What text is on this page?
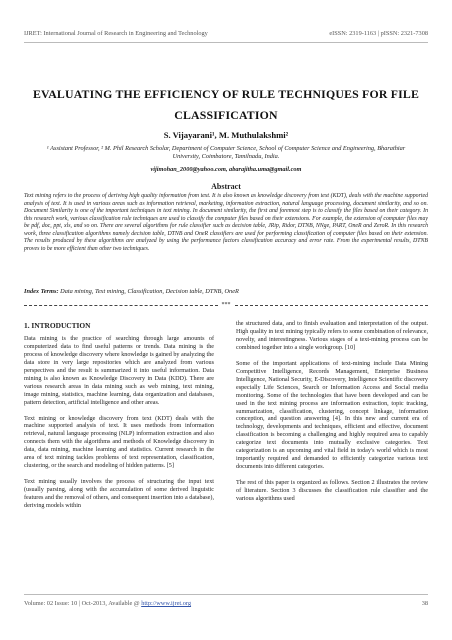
IJRET: International Journal of Research in Engineering and Technology	eISSN: 2319-1163 | pISSN: 2321-7308
EVALUATING THE EFFICIENCY OF RULE TECHNIQUES FOR FILE CLASSIFICATION
S. Vijayarani¹, M. Muthulakshmi²
¹ Assistant Professor, ² M. Phil Research Scholar, Department of Computer Science, School of Computer Science and Engineering, Bharathiar University, Coimbatore, Tamilnadu, India.
vijimohan_2000@yahoo.com, abarajitha.uma@gmail.com
Abstract
Text mining refers to the process of deriving high quality information from text. It is also known as knowledge discovery from text (KDT), deals with the machine supported analysis of text. It is used in various areas such as information retrieval, marketing, information extraction, natural language processing, document similarity, and so on. Document Similarity is one of the important techniques in text mining. In document similarity, the first and foremost step is to classify the files based on their category. In this research work, various classification rule techniques are used to classify the computer files based on their extensions. For example, the extension of computer files may be pdf, doc, ppt, xls, and so on. There are several algorithms for rule classifier such as decision table, JRip, Ridor, DTNB, NNge, PART, OneR and ZeroR. In this research work, three classification algorithms namely decision table, DTNB and OneR classifiers are used for performing classification of computer files based on their extension. The results produced by these algorithms are analyzed by using the performance factors classification accuracy and error rate. From the experimental results, DTNB proves to be more efficient than other two techniques.
Index Terms: Data mining, Text mining, Classification, Decision table, DTNB, OneR
***
1. INTRODUCTION

Data mining is the practice of searching through large amounts of computerized data to find useful patterns or trends. Data mining is the process of knowledge discovery where knowledge is gained by analyzing the data store in very large repositories which are analyzed from various perspectives and the result is summarized it into useful information. Data mining is also known as Knowledge Discovery in Data (KDD). There are various research areas in data mining such as web mining, text mining, image mining, statistics, machine learning, data organization and databases, pattern detection, artificial intelligence and other areas.

Text mining or knowledge discovery from text (KDT) deals with the machine supported analysis of text. It uses methods from information retrieval, natural language processing (NLP) information extraction and also connects them with the algorithms and methods of Knowledge discovery in data, data mining, machine learning and statistics. Current research in the area of text mining tackles problems of text representation, classification, clustering, or the search and modeling of hidden patterns. [5]

Text mining usually involves the process of structuring the input text (usually parsing, along with the accumulation of some derived linguistic features and the removal of others, and consequent insertion into a database), deriving models within

the structured data, and to finish evaluation and interpretation of the output. High quality in text mining typically refers to some combination of relevance, novelty, and interestingness. Various stages of a text-mining process can be combined together into a single workgroup. [10]

Some of the important applications of text-mining include Data Mining Competitive Intelligence, Records Management, Enterprise Business Intelligence, National Security, E-Discovery, Intelligence Scientific discovery especially Life Sciences, Search or Information Access and Social media monitoring. Some of the technologies that have been developed and can be used in the text mining process are information extraction, topic tracking, summarization, classification, clustering, concept linkage, information conception, and question answering [4]. In this new and current era of technology, developments and techniques, efficient and effective, document classification is becoming a challenging and highly required area to capably categorize text documents into mutually exclusive categories. Text categorization is an upcoming and vital field in today's world which is most importantly required and demanded to efficiently categorize various text documents into different categories.

The rest of this paper is organized as follows. Section 2 illustrates the review of literature. Section 3 discusses the classification rule classifier and the various algorithms used

Volume: 02 Issue: 10 | Oct-2013, Available @ http://www.ijret.org	38
